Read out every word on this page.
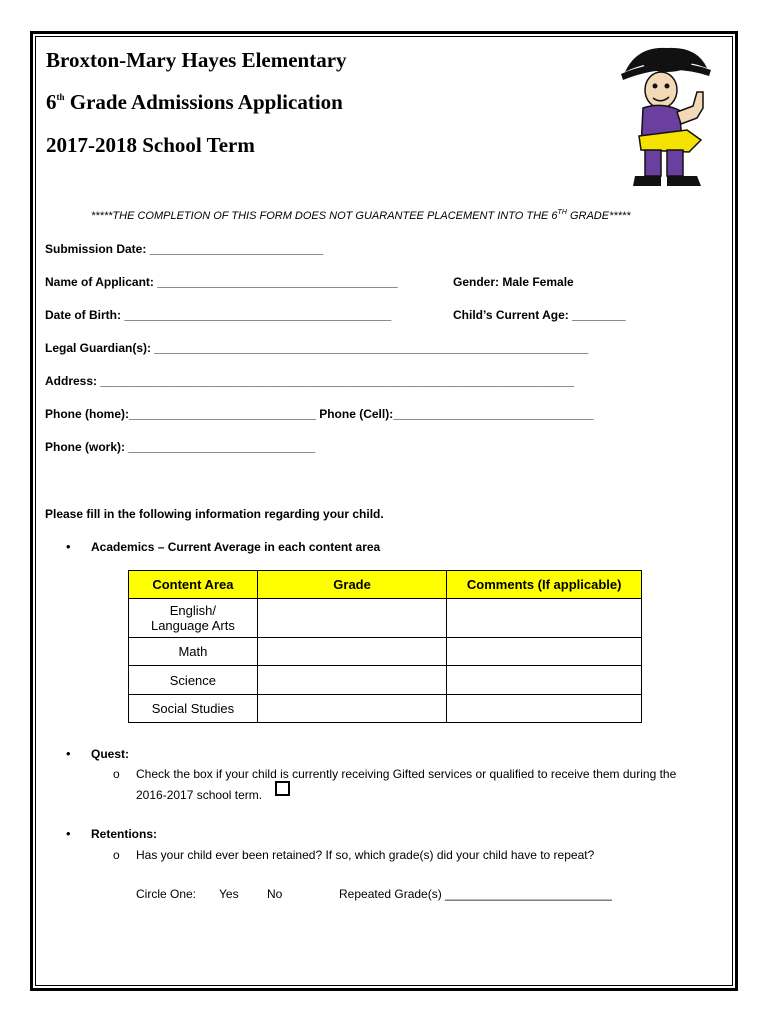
Broxton-Mary Hayes Elementary
6th Grade Admissions Application
2017-2018 School Term
*****THE COMPLETION OF THIS FORM DOES NOT GUARANTEE PLACEMENT INTO THE 6TH GRADE*****
Submission Date: __________________________
Name of Applicant: ____________________________________	Gender: Male Female
Date of Birth: ________________________________________	Child’s Current Age: ________
Legal Guardian(s): _________________________________________________________________
Address: _______________________________________________________________________
Phone (home):____________________________ Phone (Cell):______________________________
Phone (work): ____________________________
Please fill in the following information regarding your child.
• Academics – Current Average in each content area
Content Area	Grade	Comments (If applicable)

English/
Language Arts		

Math		
Science		
Social Studies		
• Quest:
o Check the box if your child is currently receiving Gifted services or qualified to receive them during the
2016-2017 school term.
• Retentions:
o Has your child ever been retained? If so, which grade(s) did your child have to repeat?
Circle One: Yes No	Repeated Grade(s) _________________________
